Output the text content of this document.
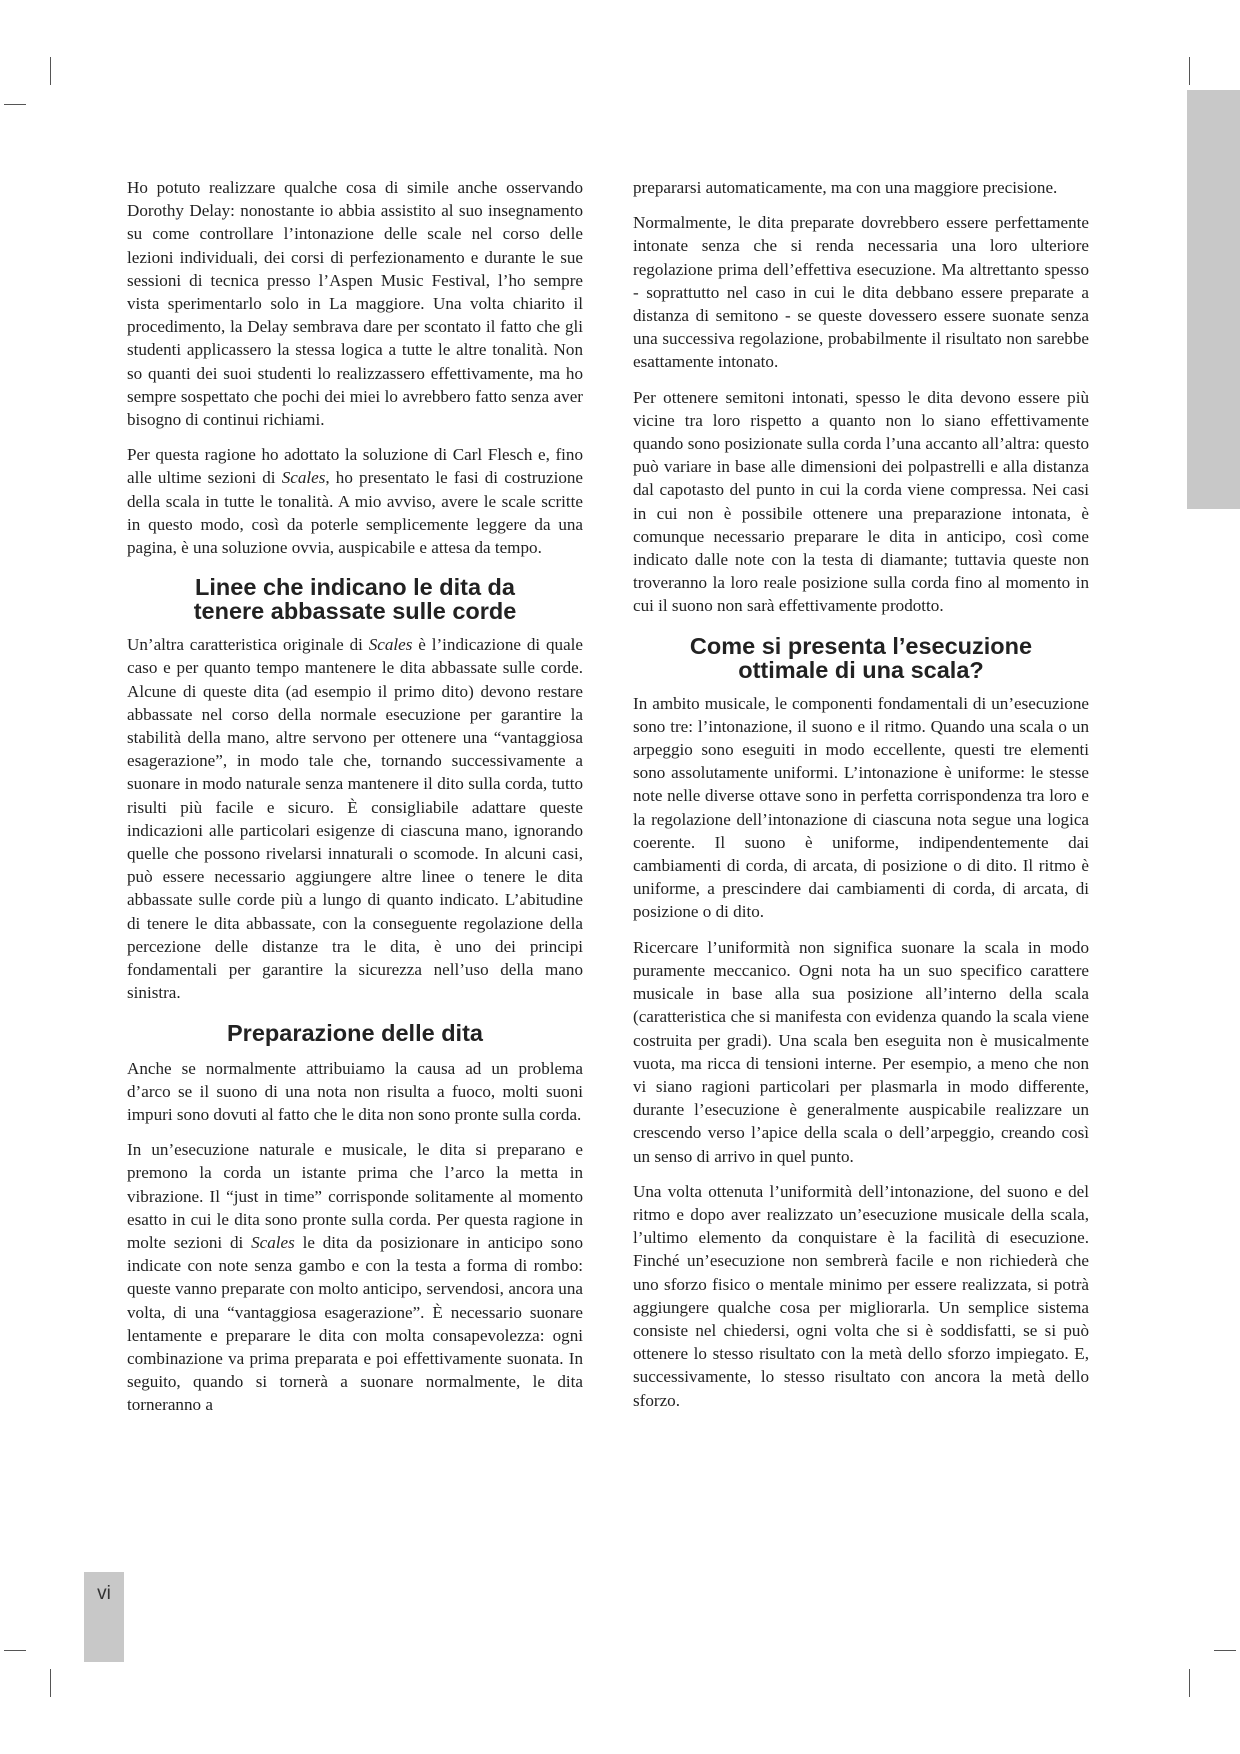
vi

Ho potuto realizzare qualche cosa di simile anche osservando Dorothy Delay: nonostante io abbia assistito al suo insegnamento su come controllare l’intonazione delle scale nel corso delle lezioni individuali, dei corsi di perfezionamento e durante le sue sessioni di tecnica presso l’Aspen Music Festival, l’ho sempre vista sperimentarlo solo in La maggiore. Una volta chiarito il procedimento, la Delay sembrava dare per scontato il fatto che gli studenti applicassero la stessa logica a tutte le altre tonalità. Non so quanti dei suoi studenti lo realizzassero effettivamente, ma ho sempre sospettato che pochi dei miei lo avrebbero fatto senza aver bisogno di continui richiami.

Per questa ragione ho adottato la soluzione di Carl Flesch e, fino alle ultime sezioni di Scales, ho presentato le fasi di costruzione della scala in tutte le tonalità. A mio avviso, avere le scale scritte in questo modo, così da poterle semplicemente leggere da una pagina, è una soluzione ovvia, auspicabile e attesa da tempo.

Linee che indicano le dita da
tenere abbassate sulle corde

Un’altra caratteristica originale di Scales è l’indicazione di quale caso e per quanto tempo mantenere le dita abbassate sulle corde. Alcune di queste dita (ad esempio il primo dito) devono restare abbassate nel corso della normale esecuzione per garantire la stabilità della mano, altre servono per ottenere una “vantaggiosa esagerazione”, in modo tale che, tornando successivamente a suonare in modo naturale senza mantenere il dito sulla corda, tutto risulti più facile e sicuro. È consigliabile adattare queste indicazioni alle particolari esigenze di ciascuna mano, ignorando quelle che possono rivelarsi innaturali o scomode. In alcuni casi, può essere necessario aggiungere altre linee o tenere le dita abbassate sulle corde più a lungo di quanto indicato. L’abitudine di tenere le dita abbassate, con la conseguente regolazione della percezione delle distanze tra le dita, è uno dei principi fondamentali per garantire la sicurezza nell’uso della mano sinistra.

Preparazione delle dita

Anche se normalmente attribuiamo la causa ad un problema d’arco se il suono di una nota non risulta a fuoco, molti suoni impuri sono dovuti al fatto che le dita non sono pronte sulla corda.

In un’esecuzione naturale e musicale, le dita si preparano e premono la corda un istante prima che l’arco la metta in vibrazione. Il “just in time” corrisponde solitamente al momento esatto in cui le dita sono pronte sulla corda. Per questa ragione in molte sezioni di Scales le dita da posizionare in anticipo sono indicate con note senza gambo e con la testa a forma di rombo: queste vanno preparate con molto anticipo, servendosi, ancora una volta, di una “vantaggiosa esagerazione”. È necessario suonare lentamente e preparare le dita con molta consapevolezza: ogni combinazione va prima preparata e poi effettivamente suonata. In seguito, quando si tornerà a suonare normalmente, le dita torneranno a

prepararsi automaticamente, ma con una maggiore precisione.

Normalmente, le dita preparate dovrebbero essere perfettamente intonate senza che si renda necessaria una loro ulteriore regolazione prima dell’effettiva esecuzione. Ma altrettanto spesso - soprattutto nel caso in cui le dita debbano essere preparate a distanza di semitono - se queste dovessero essere suonate senza una successiva regolazione, probabilmente il risultato non sarebbe esattamente intonato.

Per ottenere semitoni intonati, spesso le dita devono essere più vicine tra loro rispetto a quanto non lo siano effettivamente quando sono posizionate sulla corda l’una accanto all’altra: questo può variare in base alle dimensioni dei polpastrelli e alla distanza dal capotasto del punto in cui la corda viene compressa. Nei casi in cui non è possibile ottenere una preparazione intonata, è comunque necessario preparare le dita in anticipo, così come indicato dalle note con la testa di diamante; tuttavia queste non troveranno la loro reale posizione sulla corda fino al momento in cui il suono non sarà effettivamente prodotto.

Come si presenta l’esecuzione
ottimale di una scala?

In ambito musicale, le componenti fondamentali di un’esecuzione sono tre: l’intonazione, il suono e il ritmo. Quando una scala o un arpeggio sono eseguiti in modo eccellente, questi tre elementi sono assolutamente uniformi. L’intonazione è uniforme: le stesse note nelle diverse ottave sono in perfetta corrispondenza tra loro e la regolazione dell’intonazione di ciascuna nota segue una logica coerente. Il suono è uniforme, indipendentemente dai cambiamenti di corda, di arcata, di posizione o di dito. Il ritmo è uniforme, a prescindere dai cambiamenti di corda, di arcata, di posizione o di dito.

Ricercare l’uniformità non significa suonare la scala in modo puramente meccanico. Ogni nota ha un suo specifico carattere musicale in base alla sua posizione all’interno della scala (caratteristica che si manifesta con evidenza quando la scala viene costruita per gradi). Una scala ben eseguita non è musicalmente vuota, ma ricca di tensioni interne. Per esempio, a meno che non vi siano ragioni particolari per plasmarla in modo differente, durante l’esecuzione è generalmente auspicabile realizzare un crescendo verso l’apice della scala o dell’arpeggio, creando così un senso di arrivo in quel punto.

Una volta ottenuta l’uniformità dell’intonazione, del suono e del ritmo e dopo aver realizzato un’esecuzione musicale della scala, l’ultimo elemento da conquistare è la facilità di esecuzione. Finché un’esecuzione non sembrerà facile e non richiederà che uno sforzo fisico o mentale minimo per essere realizzata, si potrà aggiungere qualche cosa per migliorarla. Un semplice sistema consiste nel chiedersi, ogni volta che si è soddisfatti, se si può ottenere lo stesso risultato con la metà dello sforzo impiegato. E, successivamente, lo stesso risultato con ancora la metà dello sforzo.
